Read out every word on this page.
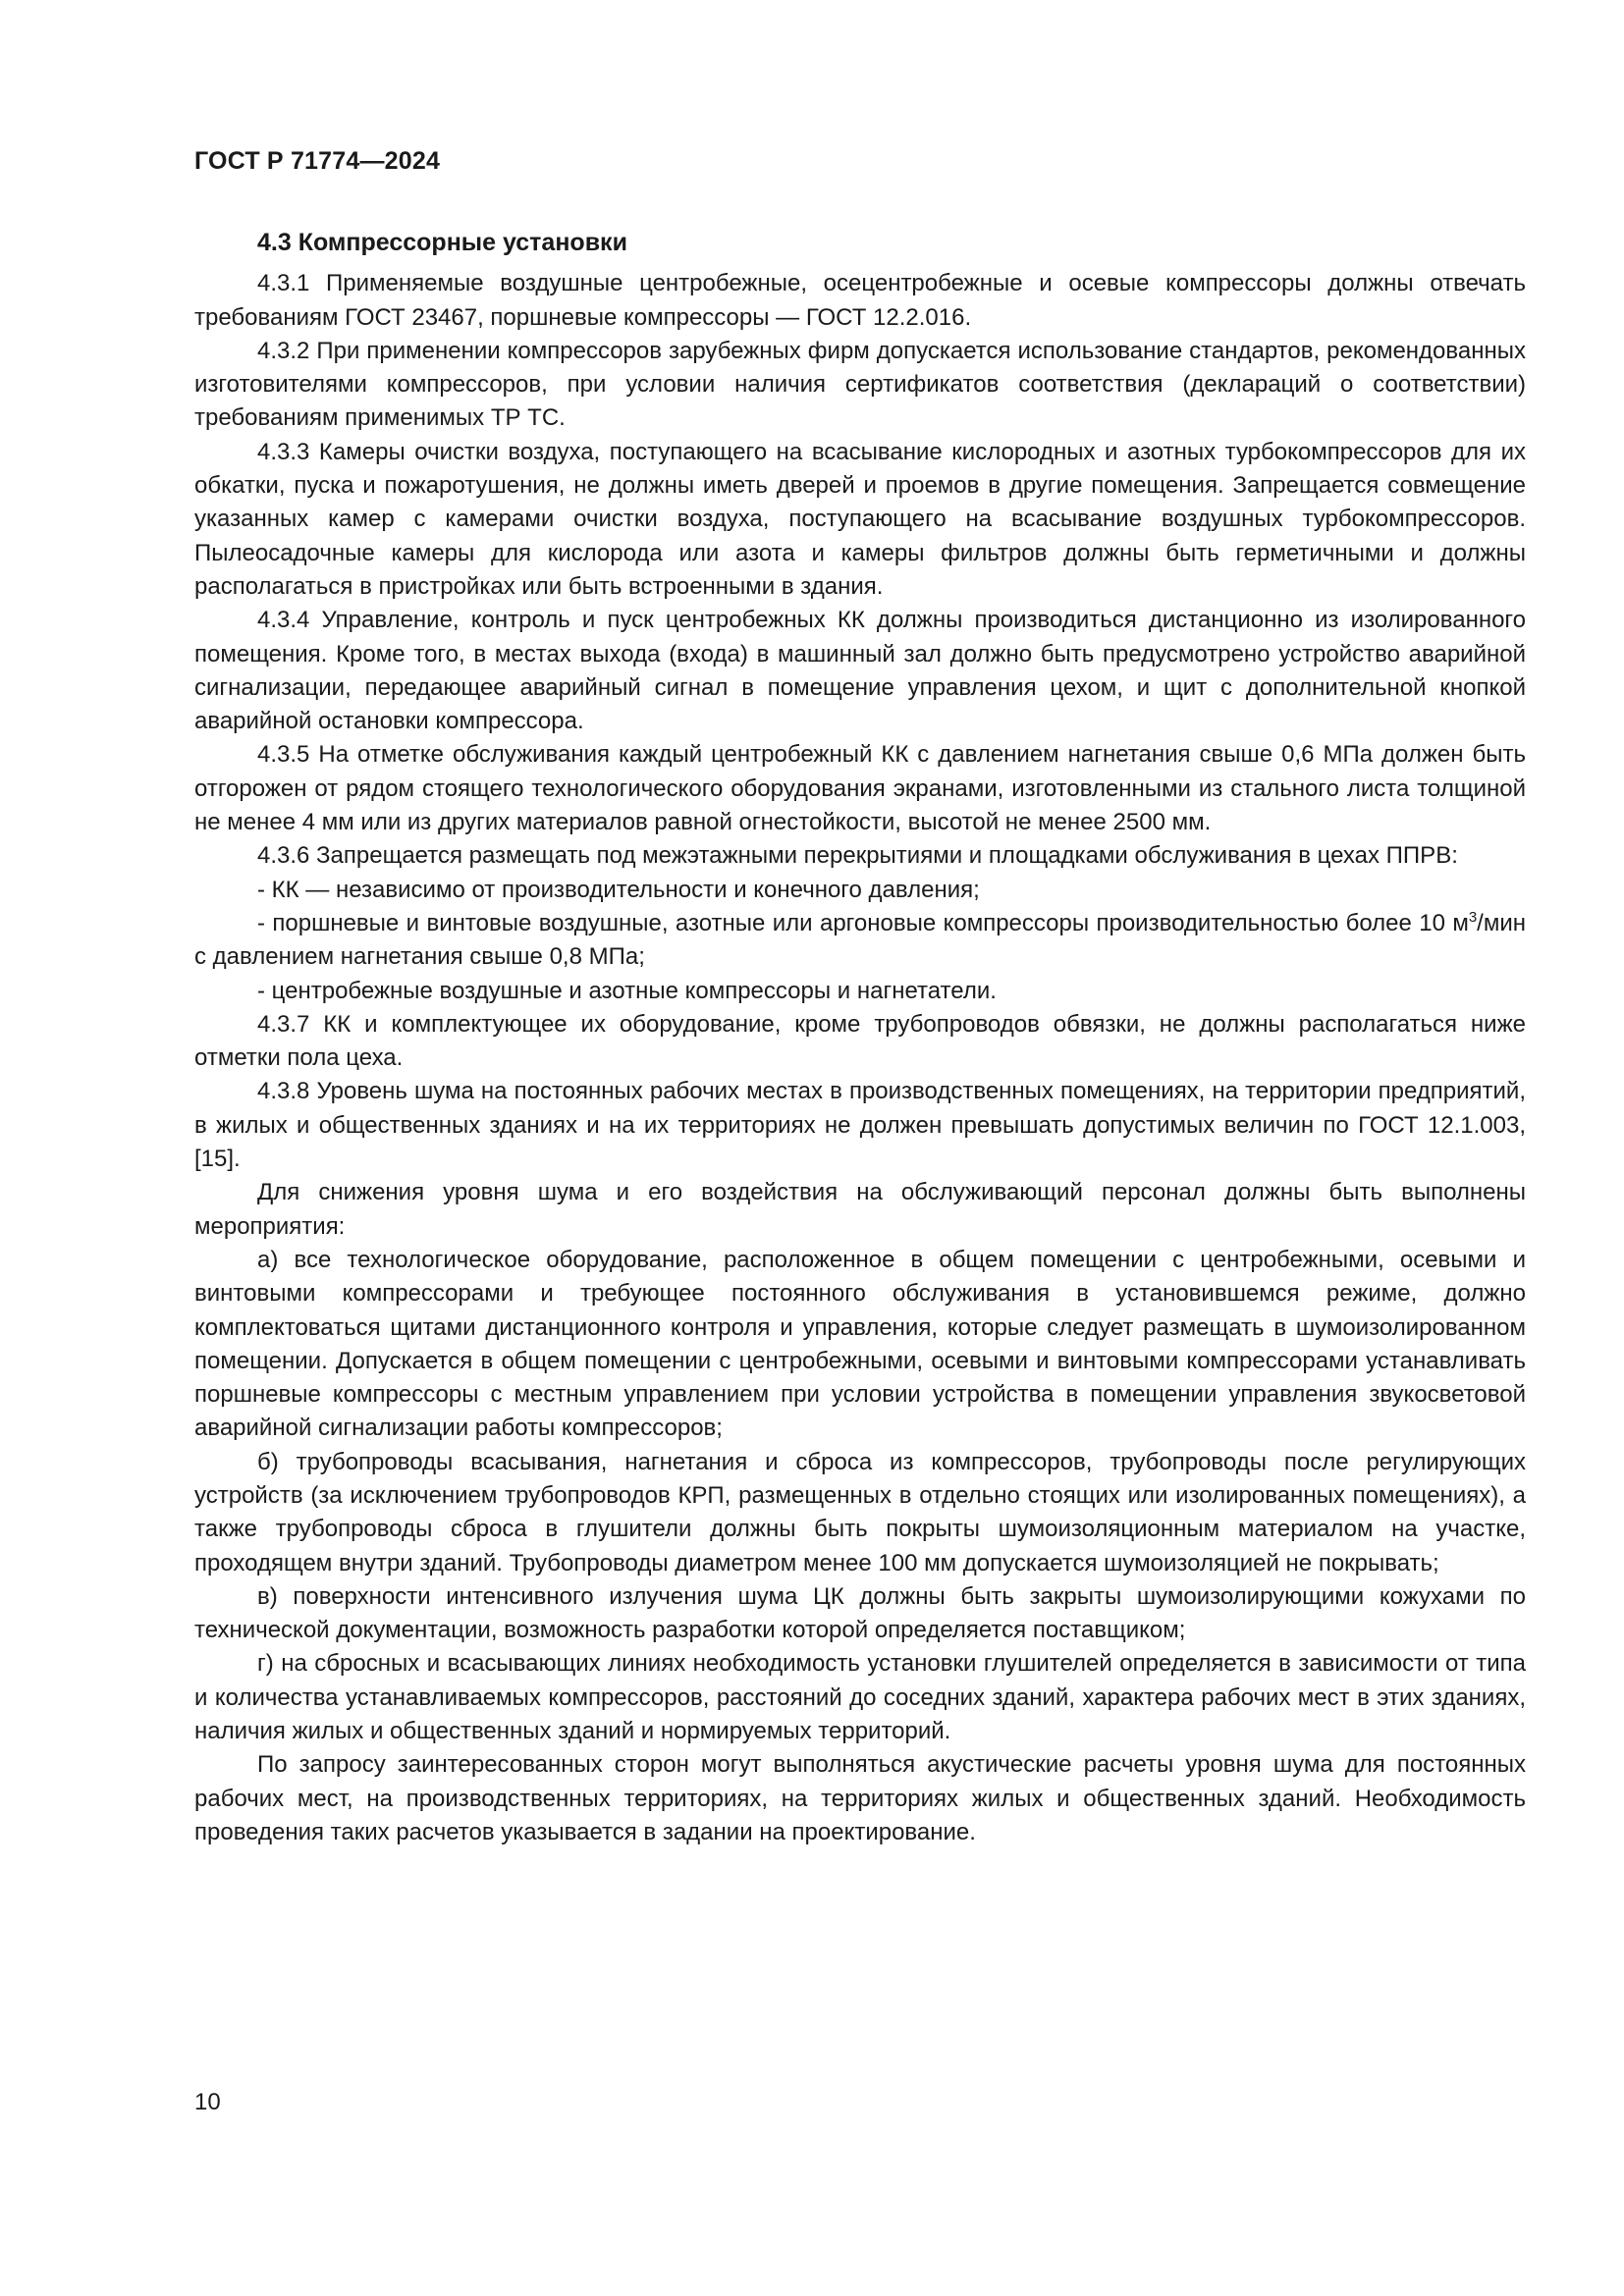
ГОСТ Р 71774—2024
4.3 Компрессорные установки

4.3.1 Применяемые воздушные центробежные, осецентробежные и осевые компрессоры должны отвечать требованиям ГОСТ 23467, поршневые компрессоры — ГОСТ 12.2.016.

4.3.2 При применении компрессоров зарубежных фирм допускается использование стандартов, рекомендованных изготовителями компрессоров, при условии наличия сертификатов соответствия (деклараций о соответствии) требованиям применимых ТР ТС.

4.3.3 Камеры очистки воздуха, поступающего на всасывание кислородных и азотных турбокомпрессоров для их обкатки, пуска и пожаротушения, не должны иметь дверей и проемов в другие помещения. Запрещается совмещение указанных камер с камерами очистки воздуха, поступающего на всасывание воздушных турбокомпрессоров. Пылеосадочные камеры для кислорода или азота и камеры фильтров должны быть герметичными и должны располагаться в пристройках или быть встроенными в здания.

4.3.4 Управление, контроль и пуск центробежных КК должны производиться дистанционно из изолированного помещения. Кроме того, в местах выхода (входа) в машинный зал должно быть предусмотрено устройство аварийной сигнализации, передающее аварийный сигнал в помещение управления цехом, и щит с дополнительной кнопкой аварийной остановки компрессора.

4.3.5 На отметке обслуживания каждый центробежный КК с давлением нагнетания свыше 0,6 МПа должен быть отгорожен от рядом стоящего технологического оборудования экранами, изготовленными из стального листа толщиной не менее 4 мм или из других материалов равной огнестойкости, высотой не менее 2500 мм.

4.3.6 Запрещается размещать под межэтажными перекрытиями и площадками обслуживания в цехах ППРВ:

- КК — независимо от производительности и конечного давления;

- поршневые и винтовые воздушные, азотные или аргоновые компрессоры производительностью более 10 $м^3$/мин с давлением нагнетания свыше 0,8 МПа;

- центробежные воздушные и азотные компрессоры и нагнетатели.

4.3.7 КК и комплектующее их оборудование, кроме трубопроводов обвязки, не должны располагаться ниже отметки пола цеха.

4.3.8 Уровень шума на постоянных рабочих местах в производственных помещениях, на территории предприятий, в жилых и общественных зданиях и на их территориях не должен превышать допустимых величин по ГОСТ 12.1.003, [15].

Для снижения уровня шума и его воздействия на обслуживающий персонал должны быть выполнены мероприятия:

а) все технологическое оборудование, расположенное в общем помещении с центробежными, осевыми и винтовыми компрессорами и требующее постоянного обслуживания в установившемся режиме, должно комплектоваться щитами дистанционного контроля и управления, которые следует размещать в шумоизолированном помещении. Допускается в общем помещении с центробежными, осевыми и винтовыми компрессорами устанавливать поршневые компрессоры с местным управлением при условии устройства в помещении управления звукосветовой аварийной сигнализации работы компрессоров;

б) трубопроводы всасывания, нагнетания и сброса из компрессоров, трубопроводы после регулирующих устройств (за исключением трубопроводов КРП, размещенных в отдельно стоящих или изолированных помещениях), а также трубопроводы сброса в глушители должны быть покрыты шумоизоляционным материалом на участке, проходящем внутри зданий. Трубопроводы диаметром менее 100 мм допускается шумоизоляцией не покрывать;

в) поверхности интенсивного излучения шума ЦК должны быть закрыты шумоизолирующими кожухами по технической документации, возможность разработки которой определяется поставщиком;

г) на сбросных и всасывающих линиях необходимость установки глушителей определяется в зависимости от типа и количества устанавливаемых компрессоров, расстояний до соседних зданий, характера рабочих мест в этих зданиях, наличия жилых и общественных зданий и нормируемых территорий.

По запросу заинтересованных сторон могут выполняться акустические расчеты уровня шума для постоянных рабочих мест, на производственных территориях, на территориях жилых и общественных зданий. Необходимость проведения таких расчетов указывается в задании на проектирование.

10
